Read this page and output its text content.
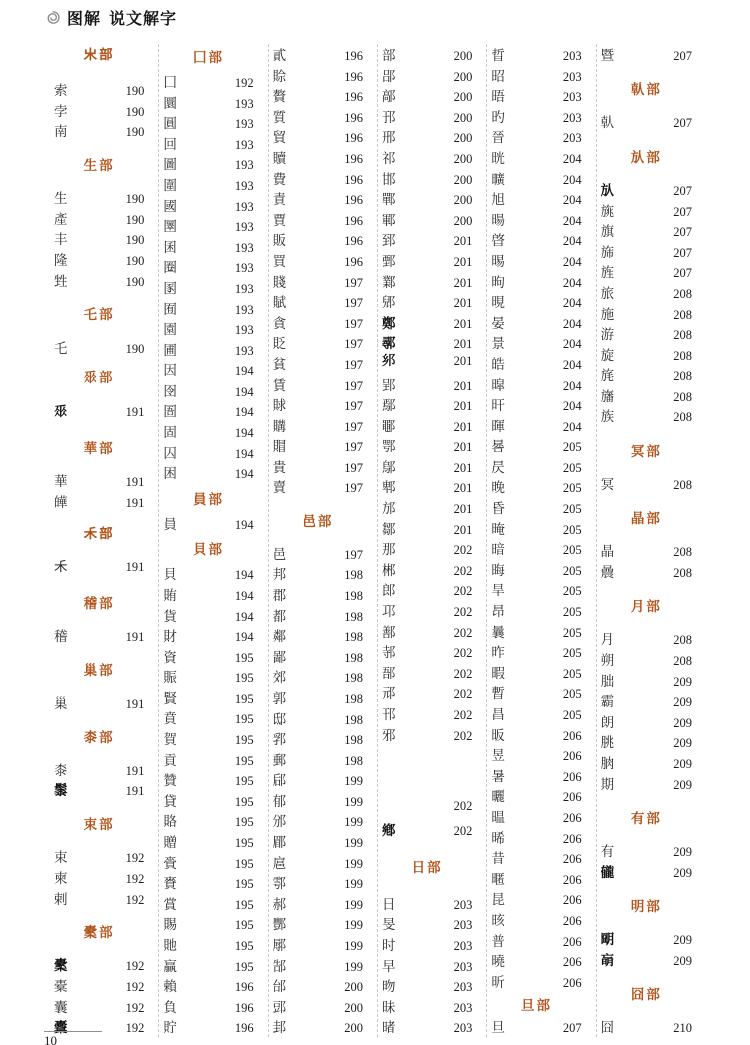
图解 说文解字
𣎵部
索	190
孛	190
南	190
生部
生	190
產	190
丰	190
隆	190
甡	190
乇部
乇	190
𠂹部
𠂹	191
華部
華	191
皣	191
𥝌部
𥝌	191
稽部
稽	191
巢部
巢	191
桼部
桼	191
䰍	191
束部
束	192
柬	192
剌	192
㯻部
㯻	192
橐	192
囊	192
櫜	192
囗部
囗	192
圜	193
圓	193
回	193
圖	193
圍	193
國	193
圛	193
囷	193
圈	193
圂	193
囿	193
園	193
圃	193
因	194
囹	194
圄	194
固	194
囚	194
困	194
員部
員	194
貝部
貝	194
賄	194
貨	194
財	194
資	195
賑	195
賢	195
賁	195
賀	195
貢	195
贊	195
貸	195
賂	195
贈	195
賫	195
賚	195
賞	195
賜	195
貤	195
贏	195
賴	196
負	196
貯	196
貳	196
賒	196
贅	196
質	196
貿	196
贖	196
費	196
責	196
賈	196
販	196
買	196
賤	197
賦	197
貪	197
貶	197
貧	197
賃	197
賕	197
購	197
賵	197
貴	197
賣	197
邑部
邑	197
邦	198
郡	198
都	198
鄰	198
鄙	198
郊	198
郭	198
邸	198
郛	198
郵	198
郈	199
郁	199
邠	199
郿	199
扈	199
鄠	199
郝	199
酆	199
鄏	199
郜	199
邰	200
郖	200
邽	200
部	200
郘	200
鄗	200
邘	200
邢	200
祁	200
邯	200
鄲	200
鄆	200
郅	201
鄄	201
鄴	201
郳	201
鄭	201
鄩	201
𨙵	201
郢	201
鄢	201
鄳	201
鄂	201
鄔	201
郫	201
邡	201
鄒	201
那	202
郴	202
郎	202
邛	202
鄯	202
邿	202
郚	202
邧	202
邗	202
邪	202
𨛜部
𨛜	202
鄕	202
日部
日	203
旻	203
时	203
早	203
昒	203
昧	203
暏	203
晢	203
昭	203
晤	203
旳	203
晉	203
晄	204
曠	204
旭	204
暘	204
晵	204
晹	204
昫	204
晛	204
晏	204
景	204
皓	204
暭	204
旰	204
暉	204
晷	205
昃	205
晚	205
昏	205
晻	205
暗	205
晦	205
旱	205
昂	205
曩	205
昨	205
暇	205
暫	205
昌	205
昄	206
昱	206
暑	206
曬	206
㬈	206
晞	206
昔	206
暱	206
昆	206
晐	206
普	206
曉	206
昕	206
旦部
旦	207
暨	207
倝部
倝	207
㫃部
㫃	207
旐	207
旗	207
旆	207
旌	207
旅	208
施	208
游	208
旋	208
旄	208
旛	208
族	208
冥部
冥	208
晶部
晶	208
曟	208
月部
月	208
朔	208
朏	209
霸	209
朗	209
朓	209
朒	209
期	209
有部
有	209
龓	209
明部
朙	209
朚	209
囧部
囧	210
10
